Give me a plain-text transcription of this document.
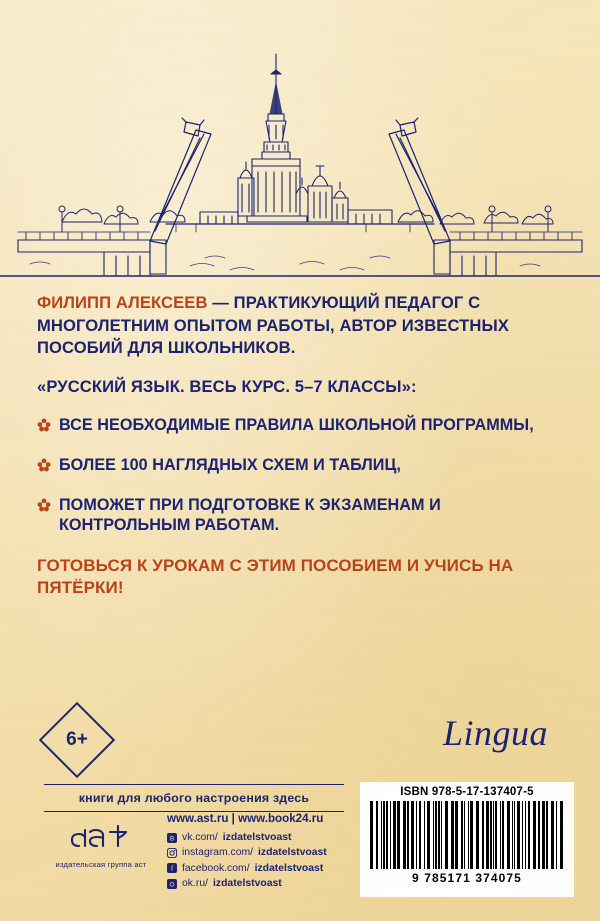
ФИЛИПП АЛЕКСЕЕВ — ПРАКТИКУЮЩИЙ ПЕДАГОГ С МНОГОЛЕТНИМ ОПЫТОМ РАБОТЫ, АВТОР ИЗВЕСТНЫХ ПОСОБИЙ ДЛЯ ШКОЛЬНИКОВ.

«РУССКИЙ ЯЗЫК. ВЕСЬ КУРС. 5–7 КЛАССЫ»:

ВСЕ НЕОБХОДИМЫЕ ПРАВИЛА ШКОЛЬНОЙ ПРОГРАММЫ,
БОЛЕЕ 100 НАГЛЯДНЫХ СХЕМ И ТАБЛИЦ,
ПОМОЖЕТ ПРИ ПОДГОТОВКЕ К ЭКЗАМЕНАМ И КОНТРОЛЬНЫМ РАБОТАМ.

ГОТОВЬСЯ К УРОКАМ С ЭТИМ ПОСОБИЕМ И УЧИСЬ НА ПЯТЁРКИ!

6+	Lingua
книги для любого настроения здесь
издательская группа аст
www.ast.ru | www.book24.ru
B vk.com/ izdatelstvoast
instagram.com/ izdatelstvoast
f facebook.com/ izdatelstvoast
O ok.ru/ izdatelstvoast
ISBN 978-5-17-137407-5
9 785171 374075
